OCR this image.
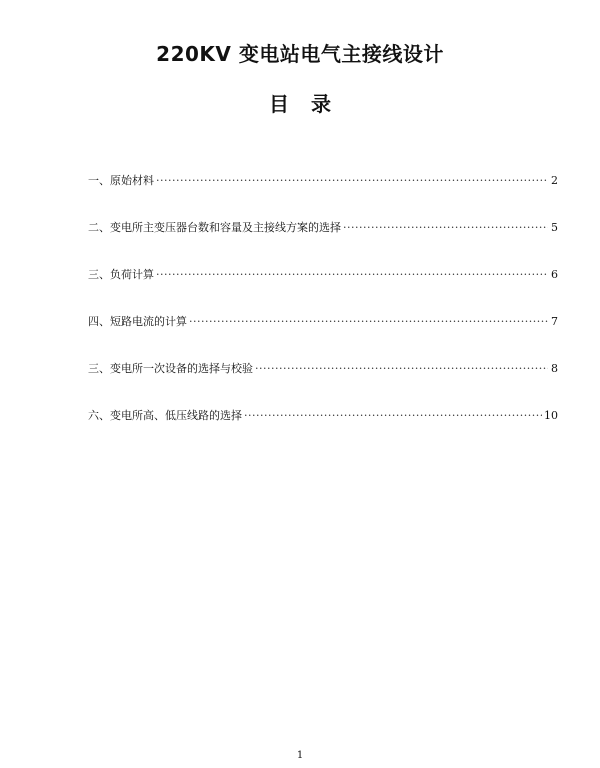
220KV 变电站电气主接线设计
目录
一、原始材料 ·····	2
二、变电所主变压器台数和容量及主接线方案的选择 ·····	5
三、负荷计算 ·····	6
四、短路电流的计算 ·····	7
三、变电所一次设备的选择与校验 ·····	8
六、变电所高、低压线路的选择 ·····	10
1
